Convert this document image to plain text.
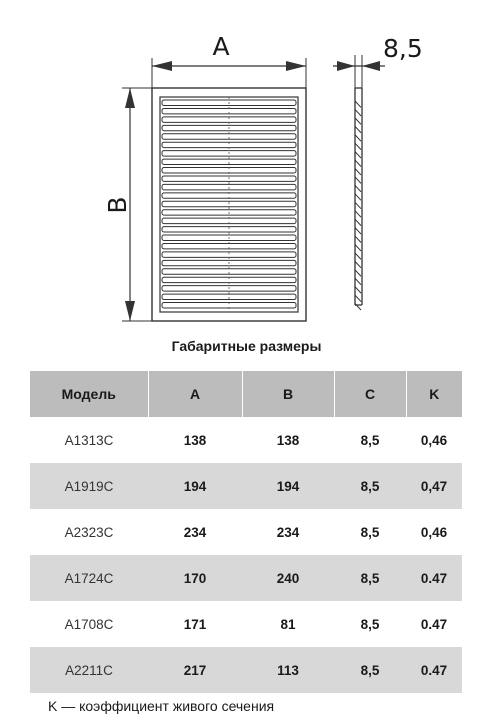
A
B
8,5
Габаритные размеры
Модель	A	B	C	K
A1313C	138	138	8,5	0,46
A1919C	194	194	8,5	0,47
A2323C	234	234	8,5	0,46
A1724C	170	240	8,5	0.47
A1708C	171	81	8,5	0.47
A2211C	217	113	8,5	0.47
K — коэффициент живого сечения
